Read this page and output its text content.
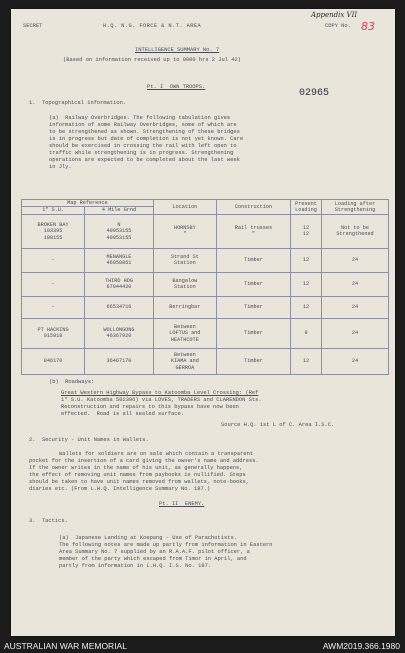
SECRET	H.Q. N.G. FORCE & N.T. AREA	COPY No.
Appendix VII
83
INTELLIGENCE SUMMARY No. 7
(Based on information received up to 0900 hrs 2 Jul 42)
Pt. I  OWN TROOPS.
02965
1.  Topographical information.
(a)  Railway Overbridges. The following tabulation gives
information of some Railway Overbridges, some of which are
to be strengthened as shown. Strengthening of these bridges
is in progress but date of completion is not yet known. Care
should be exercised in crossing the rail with left open to
traffic while strengthening is in progress. Strengthening
operations are expected to be completed about the last week
in Jly.
Map Reference		Location	Construction	Present Loading	Loading after Strengthening
1" S.U.	4 Mile Grnd				
BROKEN BAY
103395
108155	N
40953155
40953155	HORNSBY
"	Rail trusses
"	12
12	Not to be
Strengthened
-	MENANGLE
46050851	Strand St
Station	Timber	12	24
-	THIRD HDG
67044420	Bangalow
Station	Timber	12	24
-	66534716	Berringbar	Timber	12	24
PT HACKING
015918	WOLLONGONG
46367920	Between
LOFTUS and
HEATHCOTE	Timber	9	24
846170	36467170	Between
KIAMA and
GERROA	Timber	12	24
(b)  Roadways:
Great Western Highway Bypass to Katoomba Level Crossing: (Ref
1" S.U. Katoomba 502396) via LOVES, TRADERS and CLARENDON Sts.
Reconstruction and repairs to this bypass have now been
effected.  Road is all sealed surface.
Source H.Q. 1st L of C. Area I.S.C.
2.  Security - Unit Names in Wallets.
Wallets for soldiers are on sale which contain a transparent
pocket for the insertion of a card giving the owner's name and address.
If the owner writes in the name of his unit, as generally happens,
the effect of removing unit names from paybooks is nullified. Steps
should be taken to have unit names removed from wallets, note-books,
diaries etc. (From L.H.Q. Intelligence Summary No. 187.)
Pt. II  ENEMY.
3.  Tactics.
(a)  Japanese Landing at Koepang - Use of Parachutists.
The following notes are made up partly from information in Eastern
Area Summary No. 7 supplied by an R.A.A.F. pilot officer, a
member of the party which escaped from Timor in April, and
partly from information in L.H.Q. I.S. No. 187.
AUSTRALIAN WAR MEMORIAL	AWM2019.366.1980
